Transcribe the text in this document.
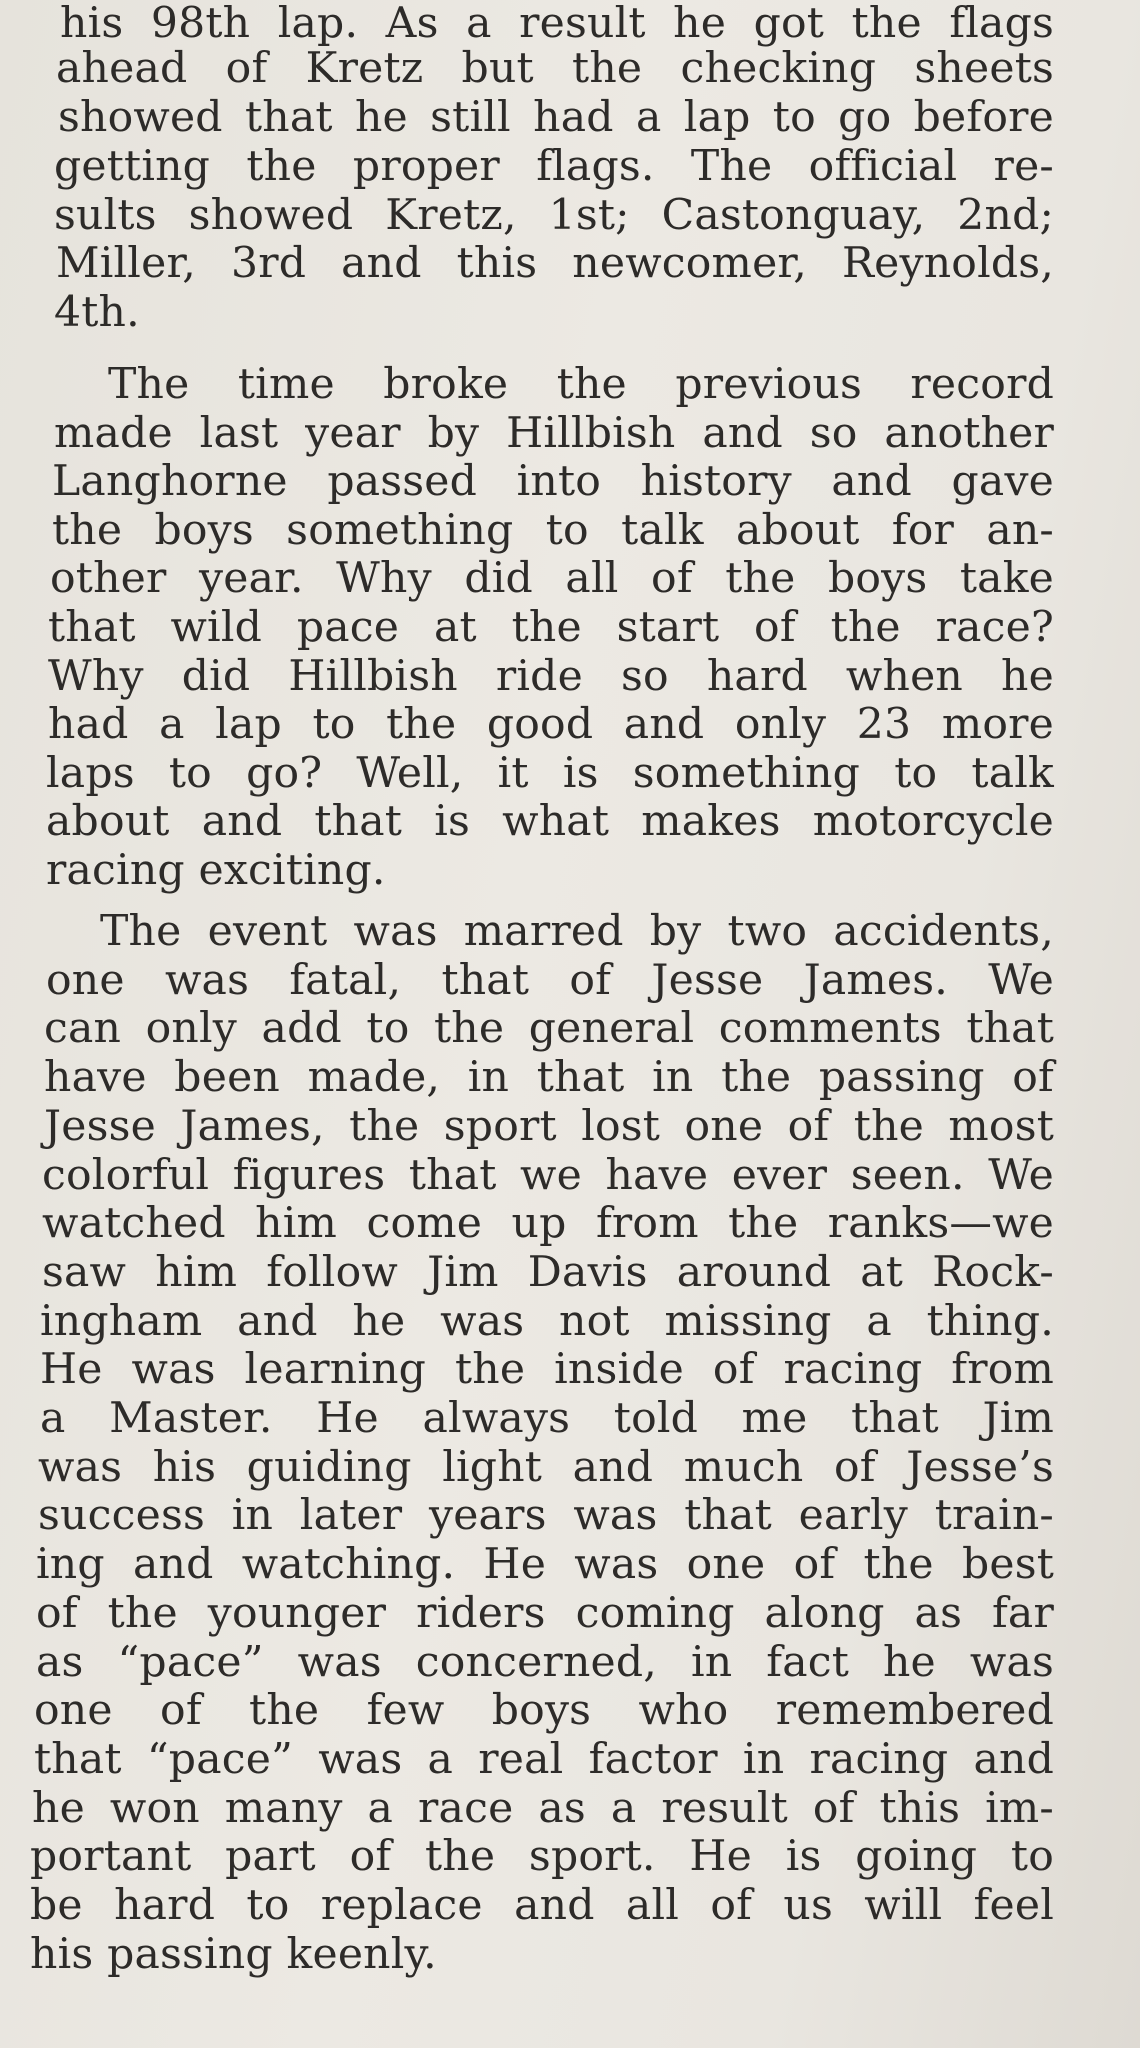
his 98th lap. As a result he got the flags
ahead of Kretz but the checking sheets
showed that he still had a lap to go before
getting the proper flags. The official re-
sults showed Kretz, 1st; Castonguay, 2nd;
Miller, 3rd and this newcomer, Reynolds,
4th.
The time broke the previous record
made last year by Hillbish and so another
Langhorne passed into history and gave
the boys something to talk about for an-
other year. Why did all of the boys take
that wild pace at the start of the race?
Why did Hillbish ride so hard when he
had a lap to the good and only 23 more
laps to go? Well, it is something to talk
about and that is what makes motorcycle
racing exciting.
The event was marred by two accidents,
one was fatal, that of Jesse James. We
can only add to the general comments that
have been made, in that in the passing of
Jesse James, the sport lost one of the most
colorful figures that we have ever seen. We
watched him come up from the ranks—we
saw him follow Jim Davis around at Rock-
ingham and he was not missing a thing.
He was learning the inside of racing from
a Master. He always told me that Jim
was his guiding light and much of Jesse’s
success in later years was that early train-
ing and watching. He was one of the best
of the younger riders coming along as far
as “pace” was concerned, in fact he was
one of the few boys who remembered
that “pace” was a real factor in racing and
he won many a race as a result of this im-
portant part of the sport. He is going to
be hard to replace and all of us will feel
his passing keenly.
